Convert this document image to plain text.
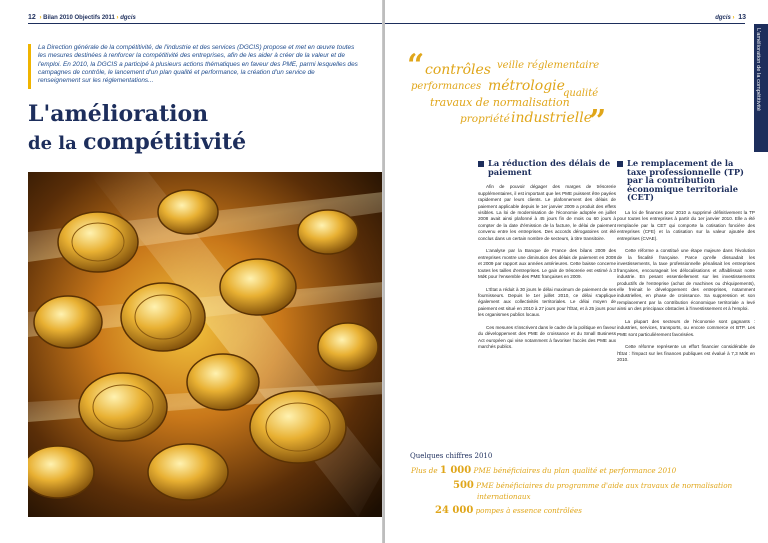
12 › Bilan 2010 Objectifs 2011 › dgcis

La Direction générale de la compétitivité, de l'industrie et des services (DGCIS) propose et met en œuvre toutes les mesures destinées à renforcer la compétitivité des entreprises, afin de les aider à créer de la valeur et de l'emploi. En 2010, la DGCIS a participé à plusieurs actions thématiques en faveur des PME, parmi lesquelles des campagnes de contrôle, le lancement d'un plan qualité et performance, la création d'un service de renseignement sur les réglementations...

L'amélioration
de la compétitivité
dgcis › 13
L'amélioration de la compétitivité
“ contrôles veille réglementaire
performances métrologie
qualité
travaux de normalisation
propriété industrielle
”
La réduction des délais de paiement

Afin de pouvoir dégager des marges de trésorerie supplémentaires, il est important que les PME puissent être payées rapidement par leurs clients. Le plafonnement des délais de paiement applicable depuis le 1er janvier 2009 a produit des effets visibles. La loi de modernisation de l'économie adoptée en juillet 2008 avait ainsi plafonné à 45 jours fin de mois ou 60 jours à compter de la date d'émission de la facture, le délai de paiement convenu entre les entreprises. Des accords dérogatoires ont été conclus dans un certain nombre de secteurs, à titre transitoire.

L'analyse par la Banque de France des bilans 2009 des entreprises montre une diminution des délais de paiement en 2008 et 2009 par rapport aux années antérieures. Cette baisse concerne toutes les tailles d'entreprises. Le gain de trésorerie est estimé à 3 Md€ pour l'ensemble des PME françaises en 2009.

L'État a réduit à 30 jours le délai maximum de paiement de ses fournisseurs. Depuis le 1er juillet 2010, ce délai s'applique également aux collectivités territoriales. Le délai moyen de paiement est situé en 2010 à 27 jours pour l'État, et à 25 jours pour les organismes publics locaux.

Ces mesures s'inscrivent dans le cadre de la politique en faveur du développement des PME de croissance et du Small Business Act européen qui vise notamment à favoriser l'accès des PME aux marchés publics.

Le remplacement de la taxe professionnelle (TP) par la contribution économique territoriale (CET)

La loi de finances pour 2010 a supprimé définitivement la TP pour toutes les entreprises à partir du 1er janvier 2010. Elle a été remplacée par la CET qui comporte la cotisation foncière des entreprises (CFE) et la cotisation sur la valeur ajoutée des entreprises (CVAE).

Cette réforme a constitué une étape majeure dans l'évolution de la fiscalité française. Parce qu'elle dissuadait les investissements, la taxe professionnelle pénalisait les entreprises françaises, encourageait les délocalisations et affaiblissait notre industrie. En pesant essentiellement sur les investissements productifs de l'entreprise (achat de machines ou d'équipements), elle freinait le développement des entreprises, notamment industrielles, en phase de croissance. Sa suppression et son remplacement par la contribution économique territoriale a levé ainsi un des principaux obstacles à l'investissement et à l'emploi.

La plupart des secteurs de l'économie sont gagnants : industries, services, transports, ou encore commerce et BTP. Les PME sont particulièrement favorisées.

Cette réforme représente un effort financier considérable de l'État : l'impact sur les finances publiques est évalué à 7,3 Md€ en 2010.

Quelques chiffres 2010
Plus de 1 000 PME bénéficiaires du plan qualité et performance 2010
500 PME bénéficiaires du programme d'aide aux travaux de normalisation
internationaux
24 000 pompes à essence contrôlées
